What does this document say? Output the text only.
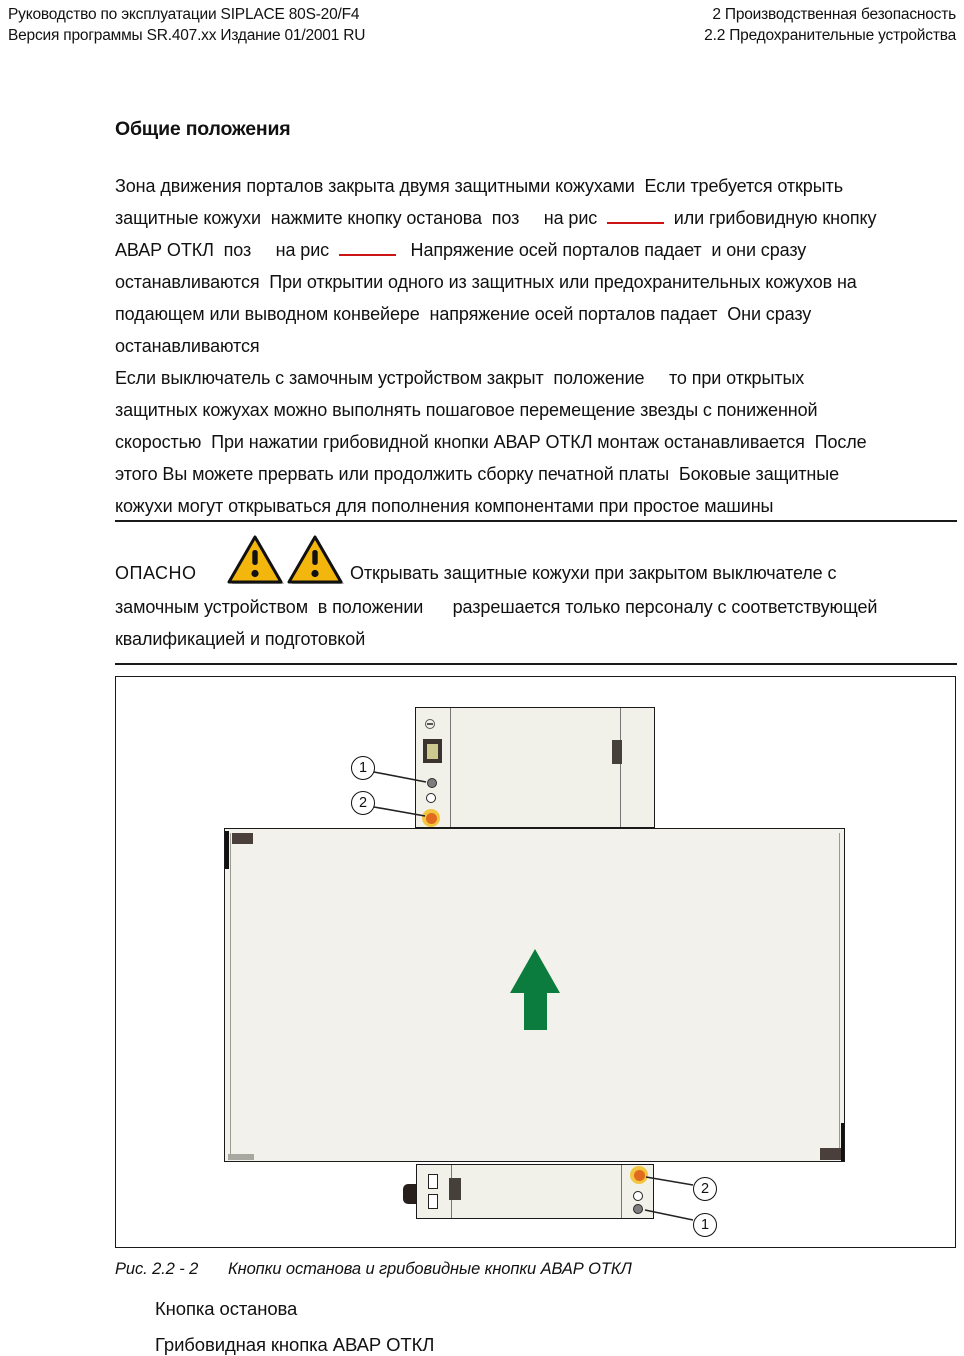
Руководство по эксплуатации SIPLACE 80S-20/F4
Версия программы SR.407.xx Издание 01/2001 RU
2 Производственная безопасность
2.2 Предохранительные устройства
Общие положения
Зона движения порталов закрыта двумя защитными кожухами  Если требуется открыть
защитные кожухи  нажмите кнопку останова  поз     на рис	или грибовидную кнопку
АВАР ОТКЛ  поз     на рис	Напряжение осей порталов падает  и они сразу
останавливаются  При открытии одного из защитных или предохранительных кожухов на
подающем или выводном конвейере  напряжение осей порталов падает  Они сразу
останавливаются
Если выключатель с замочным устройством закрыт  положение     то при открытых
защитных кожухах можно выполнять пошаговое перемещение звезды с пониженной
скоростью  При нажатии грибовидной кнопки АВАР ОТКЛ монтаж останавливается  После
этого Вы можете прервать или продолжить сборку печатной платы  Боковые защитные
кожухи могут открываться для пополнения компонентами при простое машины
ОПАСНО	Открывать защитные кожухи при закрытом выключателе с
замочным устройством  в положении      разрешается только персоналу с соответствующей
квалификацией и подготовкой
1
2
2
1
Рис. 2.2 - 2 Кнопки останова и грибовидные кнопки АВАР ОТКЛ
Кнопка останова
Грибовидная кнопка АВАР ОТКЛ
